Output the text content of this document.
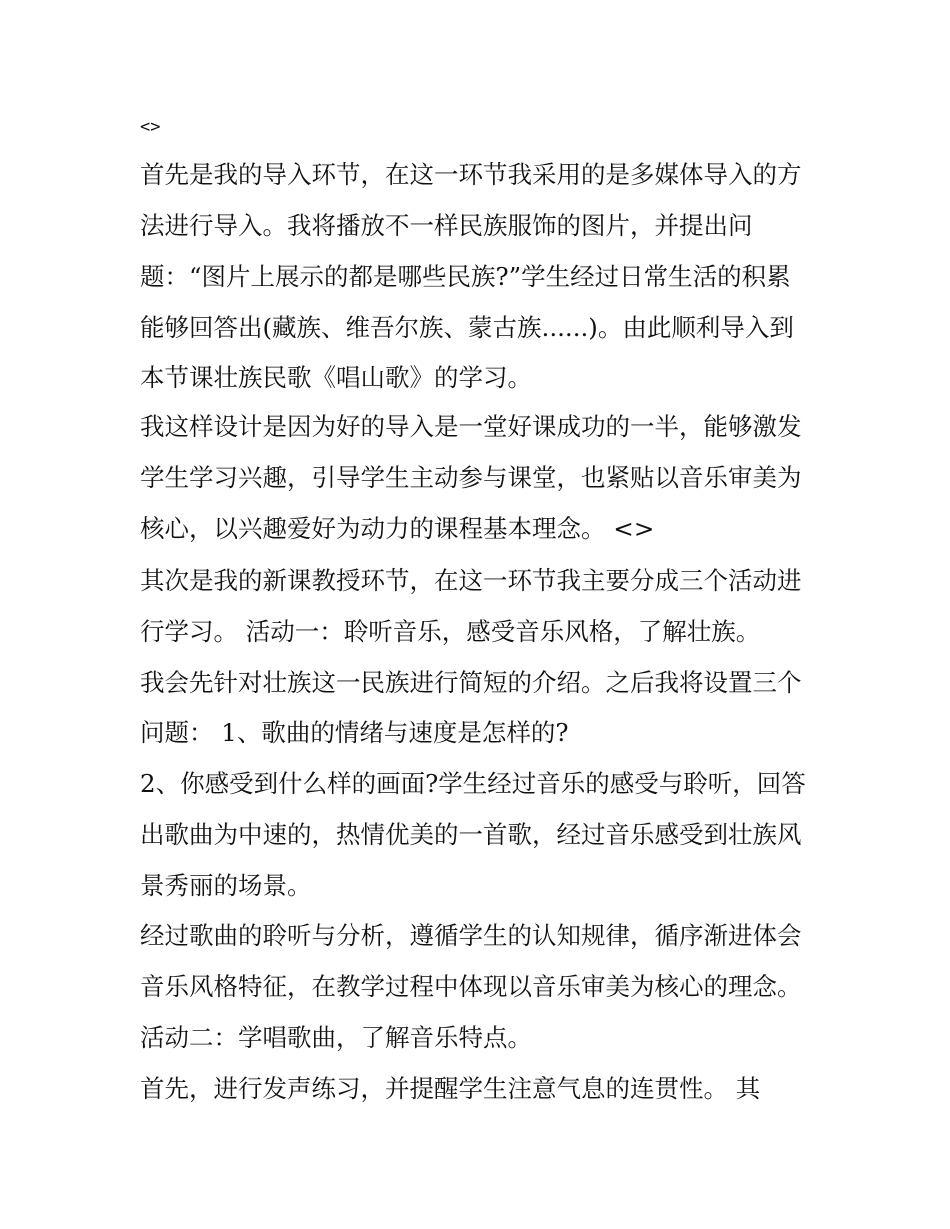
<>
首先是我的导入环节，在这一环节我采用的是多媒体导入的方
法进行导入。我将播放不一样民族服饰的图片，并提出问
题：“图片上展示的都是哪些民族?”学生经过日常生活的积累
能够回答出(藏族、维吾尔族、蒙古族......)。由此顺利导入到
本节课壮族民歌《唱山歌》的学习。
我这样设计是因为好的导入是一堂好课成功的一半，能够激发
学生学习兴趣，引导学生主动参与课堂，也紧贴以音乐审美为
核心，以兴趣爱好为动力的课程基本理念。 <>
其次是我的新课教授环节，在这一环节我主要分成三个活动进
行学习。 活动一：聆听音乐，感受音乐风格，了解壮族。
我会先针对壮族这一民族进行简短的介绍。之后我将设置三个
问题： 1、歌曲的情绪与速度是怎样的?
2、你感受到什么样的画面?学生经过音乐的感受与聆听，回答
出歌曲为中速的，热情优美的一首歌，经过音乐感受到壮族风
景秀丽的场景。
经过歌曲的聆听与分析，遵循学生的认知规律，循序渐进体会
音乐风格特征，在教学过程中体现以音乐审美为核心的理念。
活动二：学唱歌曲，了解音乐特点。
首先，进行发声练习，并提醒学生注意气息的连贯性。 其
